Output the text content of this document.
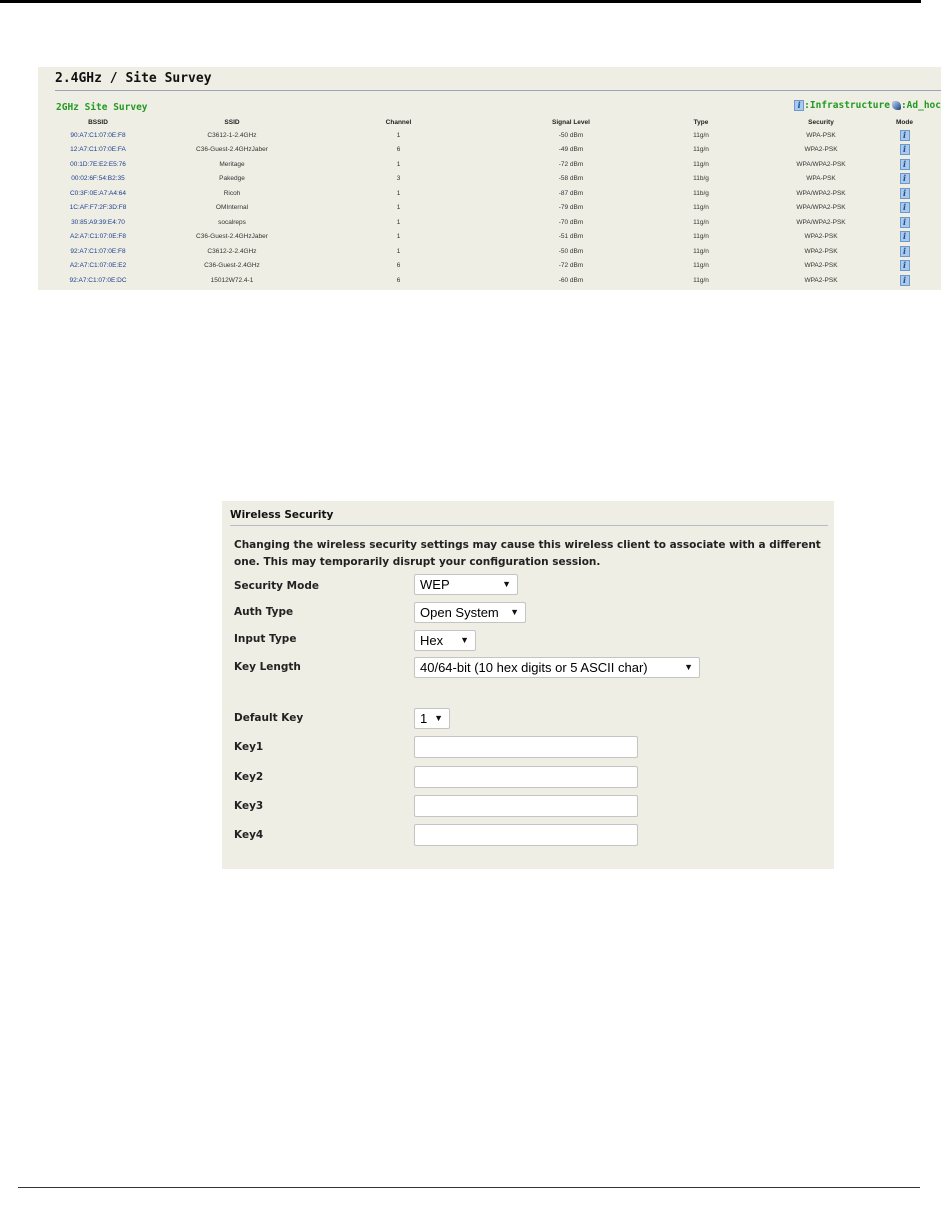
2.4GHz / Site Survey
2GHz Site Survey	i :Infrastructure :Ad_hoc
BSSID	SSID	Channel	Signal Level	Type	Security	Mode
90:A7:C1:07:0E:F8	C3612-1-2.4GHz	1	-50 dBm	11g/n	WPA-PSK	i
12:A7:C1:07:0E:FA	C36-Guest-2.4GHzJaber	6	-49 dBm	11g/n	WPA2-PSK	i
00:1D:7E:E2:E5:76	Meritage	1	-72 dBm	11g/n	WPA/WPA2-PSK	i
00:02:6F:54:B2:35	Pakedge	3	-58 dBm	11b/g	WPA-PSK	i
C0:3F:0E:A7:A4:64	Ricoh	1	-87 dBm	11b/g	WPA/WPA2-PSK	i
1C:AF:F7:2F:3D:F8	OMInternal	1	-79 dBm	11g/n	WPA/WPA2-PSK	i
30:85:A9:39:E4:70	socalreps	1	-70 dBm	11g/n	WPA/WPA2-PSK	i
A2:A7:C1:07:0E:F8	C36-Guest-2.4GHzJaber	1	-51 dBm	11g/n	WPA2-PSK	i
92:A7:C1:07:0E:F8	C3612-2-2.4GHz	1	-50 dBm	11g/n	WPA2-PSK	i
A2:A7:C1:07:0E:E2	C36-Guest-2.4GHz	6	-72 dBm	11g/n	WPA2-PSK	i
92:A7:C1:07:0E:DC	15012W72.4-1	6	-60 dBm	11g/n	WPA2-PSK	i
Wireless Security
Changing the wireless security settings may cause this wireless client to associate with a different one. This may temporarily disrupt your configuration session.
Security Mode	WEP	▼
Auth Type	Open System ▼
Input Type	Hex ▼
Key Length	40/64-bit (10 hex digits or 5 ASCII char)	▼
Default Key	1 ▼
Key1
Key2
Key3
Key4
